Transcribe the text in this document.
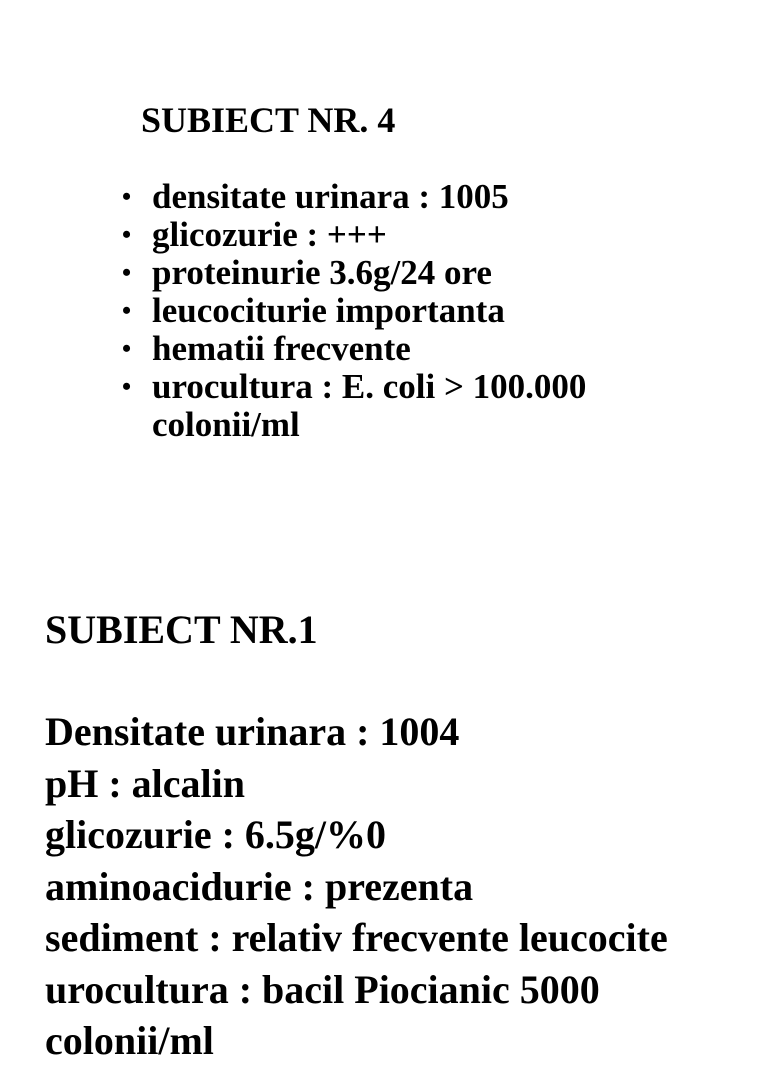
SUBIECT NR. 4
• densitate urinara : 1005
• glicozurie : +++
• proteinurie 3.6g/24 ore
• leucociturie importanta
• hematii frecvente
• urocultura : E. coli > 100.000 colonii/ml
SUBIECT NR.1
Densitate urinara : 1004
pH : alcalin
glicozurie : 6.5g/%0
aminoacidurie : prezenta
sediment : relativ frecvente leucocite
urocultura : bacil Piocianic 5000
colonii/ml
